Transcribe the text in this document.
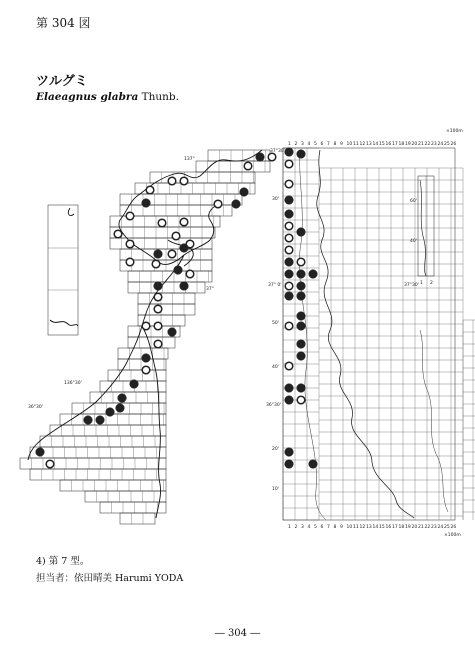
第 304 図
ツルグミ
Elaeagnus glabra Thunb.
1
1
2
2
3
3
4
4
5
5
6
6
7
7
8
8
9
9
10
10
11
11
12
12
13
13
14
14
15
15
16
16
17
17
18
18
19
19
20
20
21
21
22
22
23
23
24
24
25
25
26
26
1 2
137°
37°
136°30'
36°30'
37°30'
30'
37° 0'
50'
40'
36°30'
20'
10'
×100m
×100m
60'
40'
37°30'
4) 第 7 型。
担当者：依田晴美 Harumi YODA
― 304 ―
